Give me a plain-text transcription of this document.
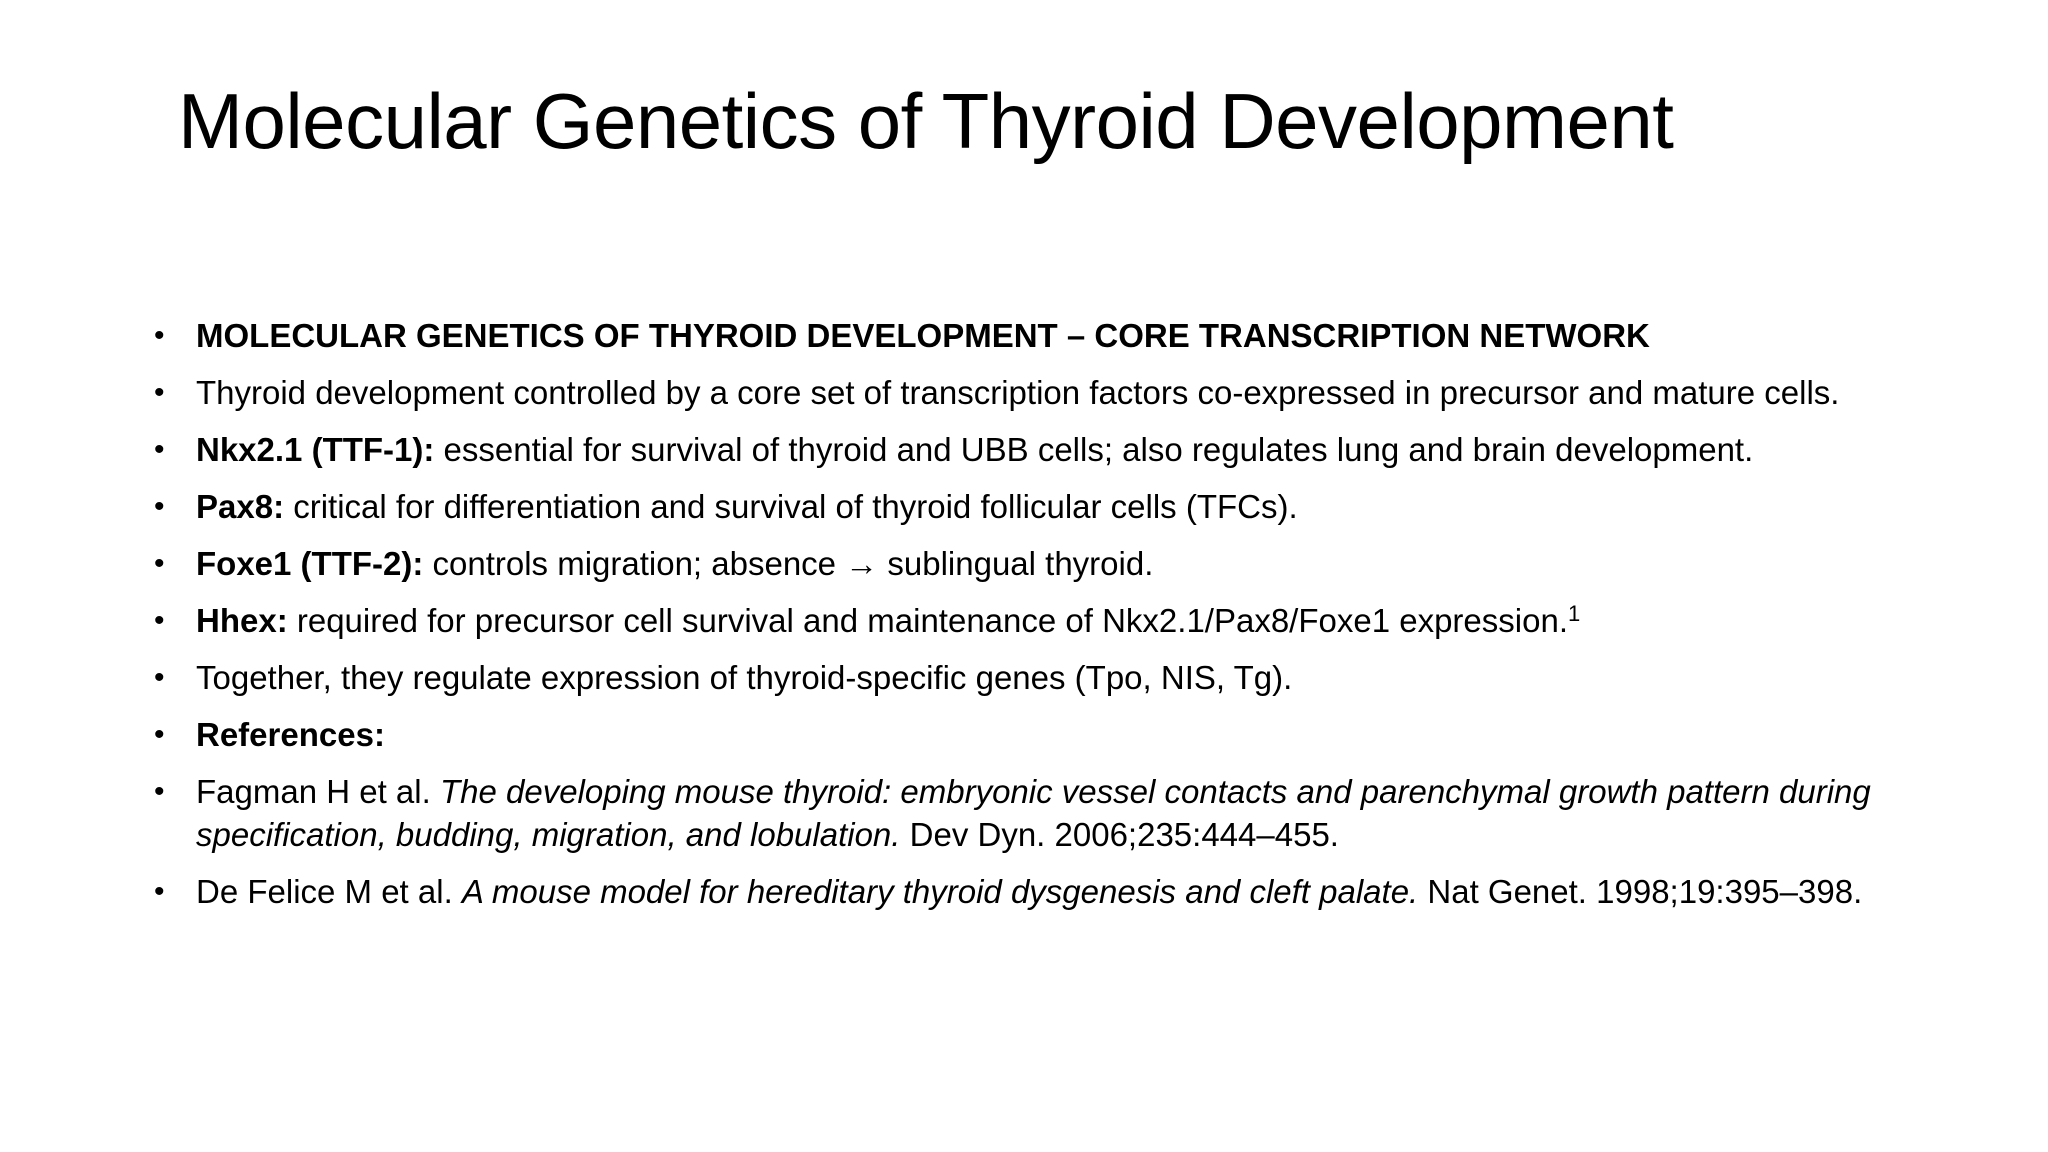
Molecular Genetics of Thyroid Development
• MOLECULAR GENETICS OF THYROID DEVELOPMENT – CORE TRANSCRIPTION NETWORK
• Thyroid development controlled by a core set of transcription factors co-expressed in precursor and mature cells.
• Nkx2.1 (TTF-1): essential for survival of thyroid and UBB cells; also regulates lung and brain development.
• Pax8: critical for differentiation and survival of thyroid follicular cells (TFCs).
• Foxe1 (TTF-2): controls migration; absence → sublingual thyroid.
• Hhex: required for precursor cell survival and maintenance of Nkx2.1/Pax8/Foxe1 expression.$^1$
• Together, they regulate expression of thyroid-specific genes (Tpo, NIS, Tg).
• References:
• Fagman H et al. The developing mouse thyroid: embryonic vessel contacts and parenchymal growth pattern during specification, budding, migration, and lobulation. Dev Dyn. 2006;235:444–455.
• De Felice M et al. A mouse model for hereditary thyroid dysgenesis and cleft palate. Nat Genet. 1998;19:395–398.
